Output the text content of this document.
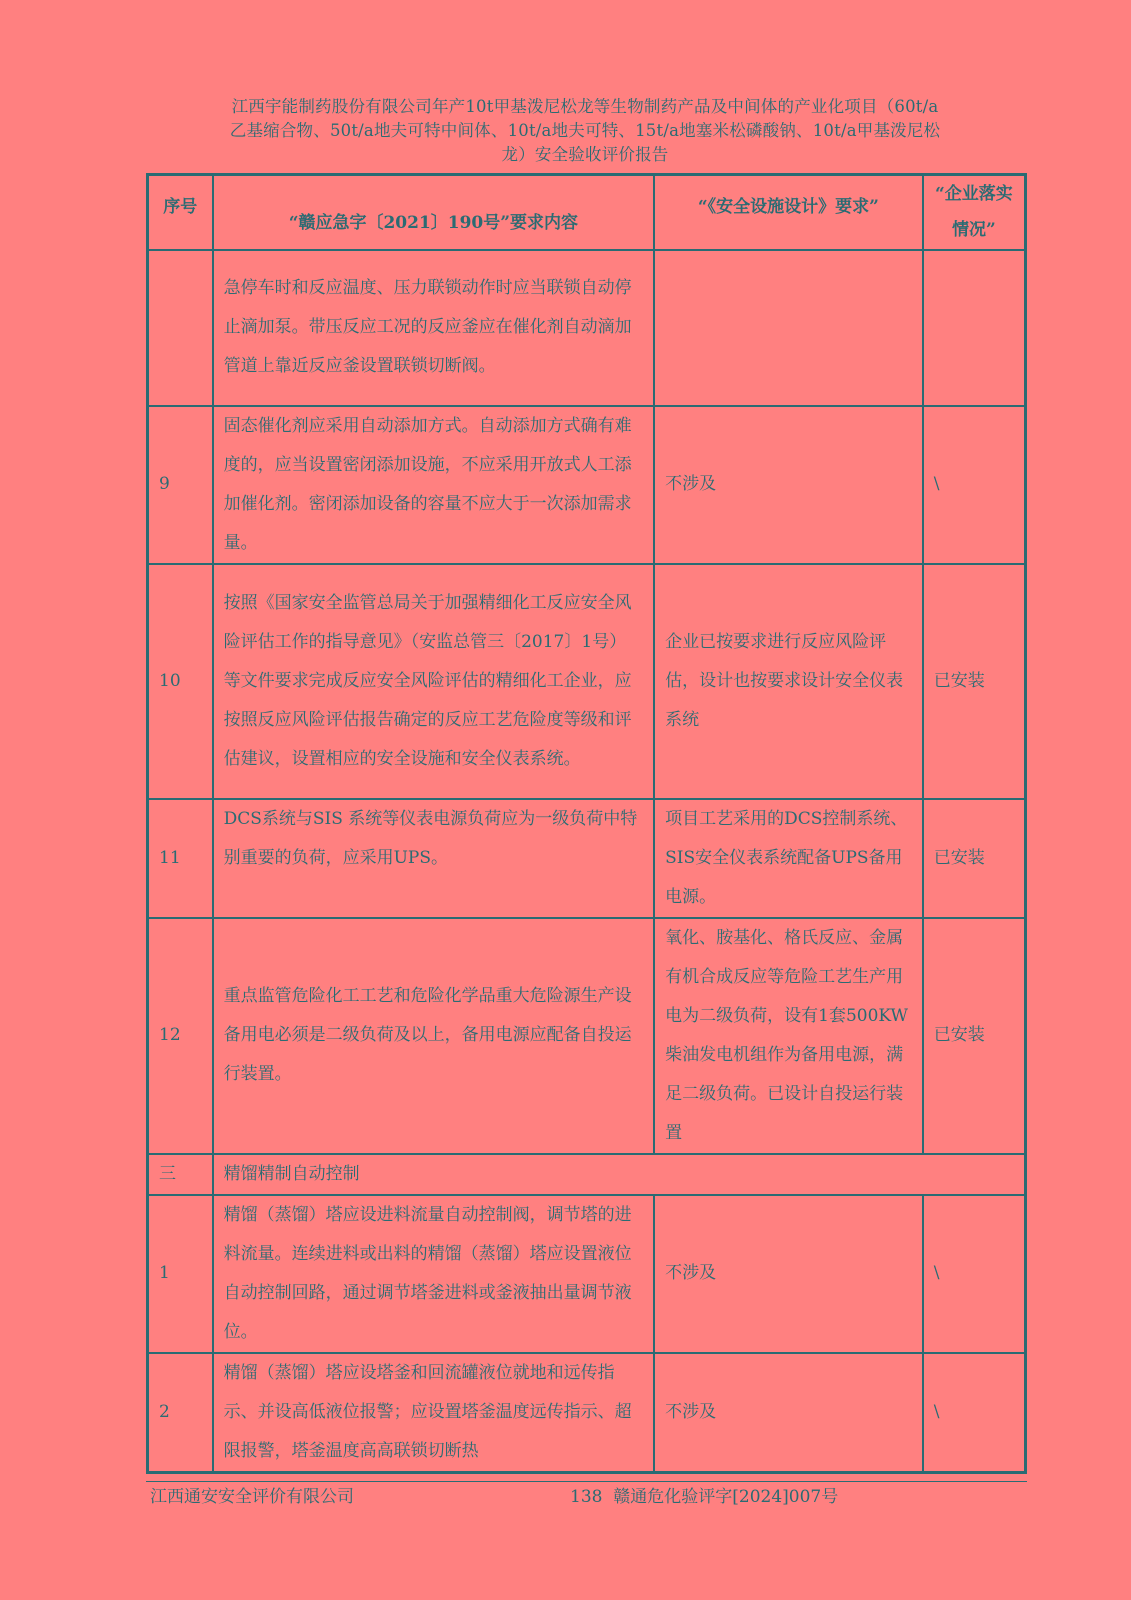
江西宇能制药股份有限公司年产10t甲基泼尼松龙等生物制药产品及中间体的产业化项目（60t/a
乙基缩合物、50t/a地夫可特中间体、10t/a地夫可特、15t/a地塞米松磷酸钠、10t/a甲基泼尼松
龙）安全验收评价报告
序号	“赣应急字〔2021〕190号”要求内容	“《安全设施设计》要求”	“企业落实情况”
	急停车时和反应温度、压力联锁动作时应当联锁自动停止滴加泵。带压反应工况的反应釜应在催化剂自动滴加管道上靠近反应釜设置联锁切断阀。		
9	固态催化剂应采用自动添加方式。自动添加方式确有难度的，应当设置密闭添加设施，不应采用开放式人工添加催化剂。密闭添加设备的容量不应大于一次添加需求量。	不涉及	\
10	按照《国家安全监管总局关于加强精细化工反应安全风险评估工作的指导意见》（安监总管三〔2017〕1号）等文件要求完成反应安全风险评估的精细化工企业，应按照反应风险评估报告确定的反应工艺危险度等级和评估建议，设置相应的安全设施和安全仪表系统。	企业已按要求进行反应风险评估，设计也按要求设计安全仪表系统	已安装
11	DCS系统与SIS 系统等仪表电源负荷应为一级负荷中特别重要的负荷，应采用UPS。	项目工艺采用的DCS控制系统、SIS安全仪表系统配备UPS备用电源。	已安装
12	重点监管危险化工工艺和危险化学品重大危险源生产设备用电必须是二级负荷及以上，备用电源应配备自投运行装置。	氧化、胺基化、格氏反应、金属有机合成反应等危险工艺生产用电为二级负荷，设有1套500KW柴油发电机组作为备用电源，满足二级负荷。已设计自投运行装置	已安装
三	精馏精制自动控制		
1	精馏（蒸馏）塔应设进料流量自动控制阀，调节塔的进料流量。连续进料或出料的精馏（蒸馏）塔应设置液位自动控制回路，通过调节塔釜进料或釜液抽出量调节液位。	不涉及	\
2	精馏（蒸馏）塔应设塔釜和回流罐液位就地和远传指示、并设高低液位报警；应设置塔釜温度远传指示、超限报警，塔釜温度高高联锁切断热	不涉及	\
江西通安安全评价有限公司	138 赣通危化验评字[2024]007号
